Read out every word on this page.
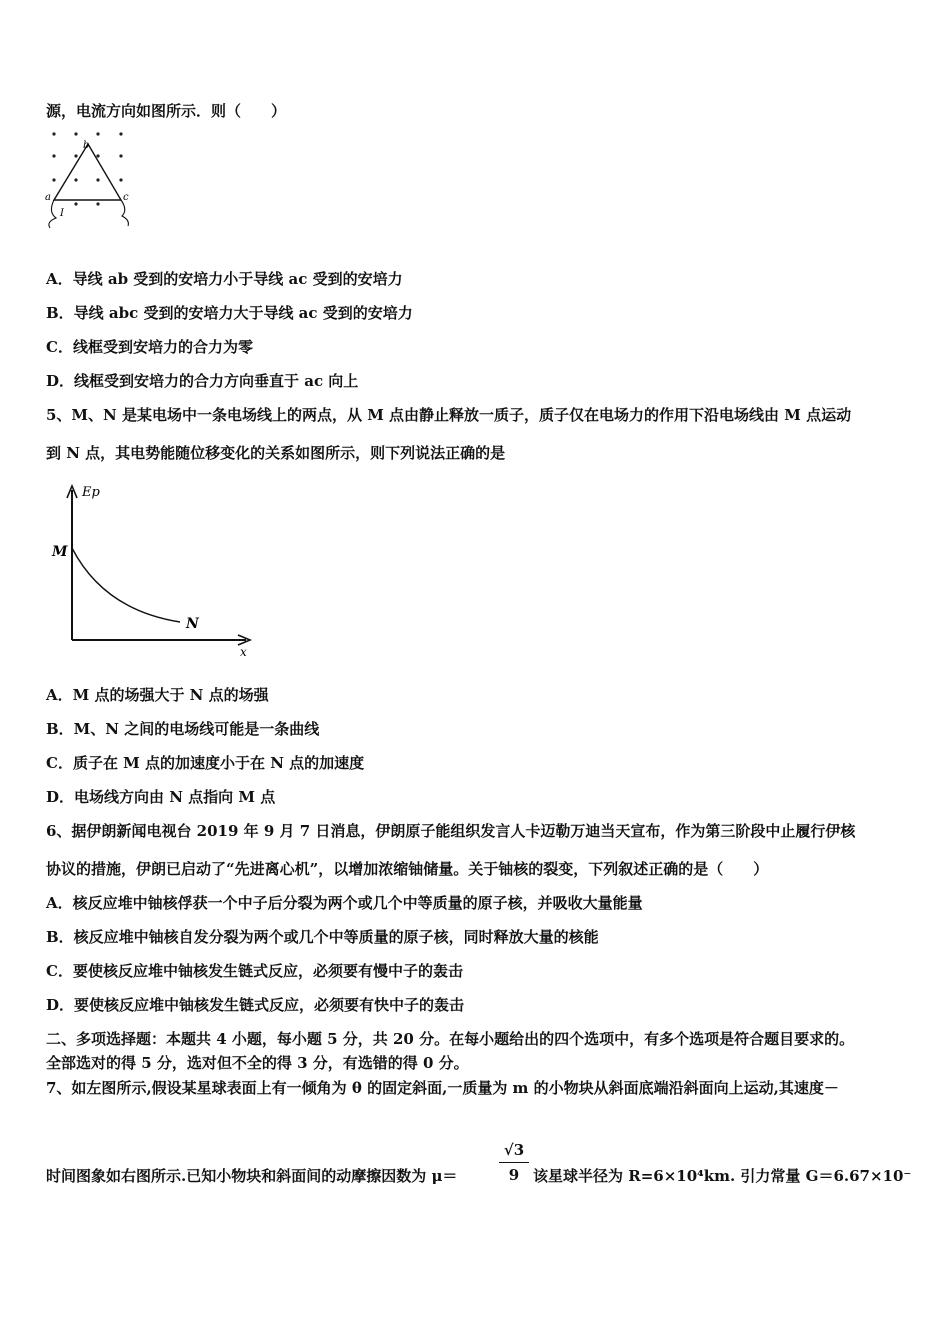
源，电流方向如图所示．则（　　）
b
a	c
I
A．导线 ab 受到的安培力小于导线 ac 受到的安培力
B．导线 abc 受到的安培力大于导线 ac 受到的安培力
C．线框受到安培力的合力为零
D．线框受到安培力的合力方向垂直于 ac 向上
5、M、N 是某电场中一条电场线上的两点，从 M 点由静止释放一质子，质子仅在电场力的作用下沿电场线由 M 点运动
到 N 点，其电势能随位移变化的关系如图所示，则下列说法正确的是
Ep
x
M
N
A．M 点的场强大于 N 点的场强
B．M、N 之间的电场线可能是一条曲线
C．质子在 M 点的加速度小于在 N 点的加速度
D．电场线方向由 N 点指向 M 点
6、据伊朗新闻电视台 2019 年 9 月 7 日消息，伊朗原子能组织发言人卡迈勒万迪当天宣布，作为第三阶段中止履行伊核
协议的措施，伊朗已启动了“先进离心机”，以增加浓缩铀储量。关于铀核的裂变，下列叙述正确的是（　　）
A．核反应堆中铀核俘获一个中子后分裂为两个或几个中等质量的原子核，并吸收大量能量
B．核反应堆中铀核自发分裂为两个或几个中等质量的原子核，同时释放大量的核能
C．要使核反应堆中铀核发生链式反应，必须要有慢中子的轰击
D．要使核反应堆中铀核发生链式反应，必须要有快中子的轰击
二、多项选择题：本题共 4 小题，每小题 5 分，共 20 分。在每小题给出的四个选项中，有多个选项是符合题目要求的。
全部选对的得 5 分，选对但不全的得 3 分，有选错的得 0 分。
7、如左图所示,假设某星球表面上有一倾角为 θ 的固定斜面,一质量为 m 的小物块从斜面底端沿斜面向上运动,其速度－
时间图象如右图所示.已知小物块和斜面间的动摩擦因数为 μ＝
√3
9 该星球半径为 R=6×10⁴km. 引力常量 G＝6.67×10⁻
